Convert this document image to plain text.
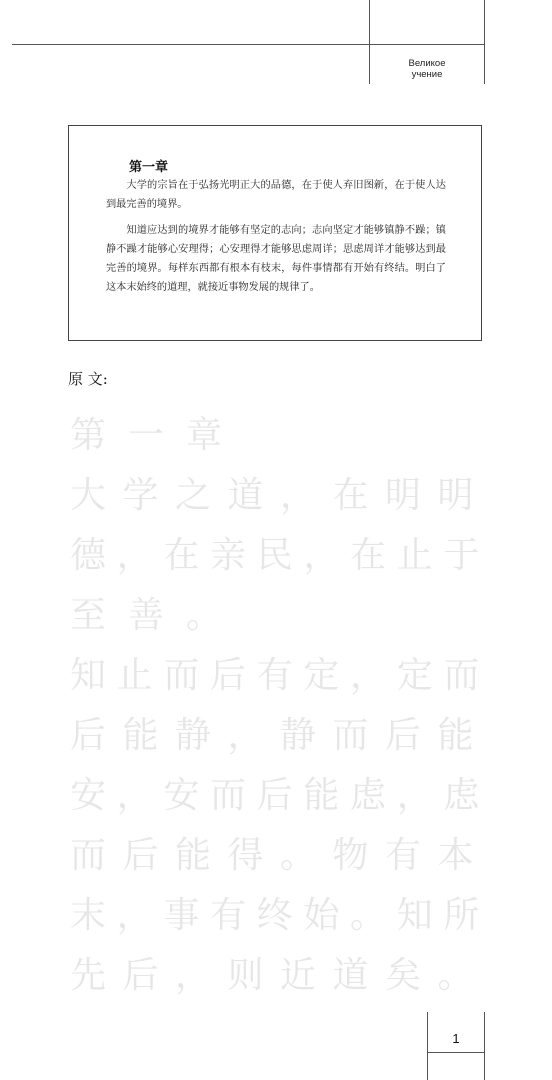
Великое
учение
第一章

大学的宗旨在于弘扬光明正大的品德，在于使人弃旧图新，在于使人达到最完善的境界。

知道应达到的境界才能够有坚定的志向；志向坚定才能够镇静不躁；镇静不躁才能够心安理得；心安理得才能够思虑周详；思虑周详才能够达到最完善的境界。每样东西都有根本有枝末，每件事情都有开始有终结。明白了这本末始终的道理，就接近事物发展的规律了。

原 文:
第 一 章
大 学 之 道 ， 在 明 明
德 ， 在 亲 民 ， 在 止 于
至 善 。
知 止 而 后 有 定 ， 定 而
后 能 静 ， 静 而 后 能
安 ， 安 而 后 能 虑 ， 虑
而 后 能 得 。 物 有 本
末 ， 事 有 终 始 。 知 所
先 后 ， 则 近 道 矣 。
1
